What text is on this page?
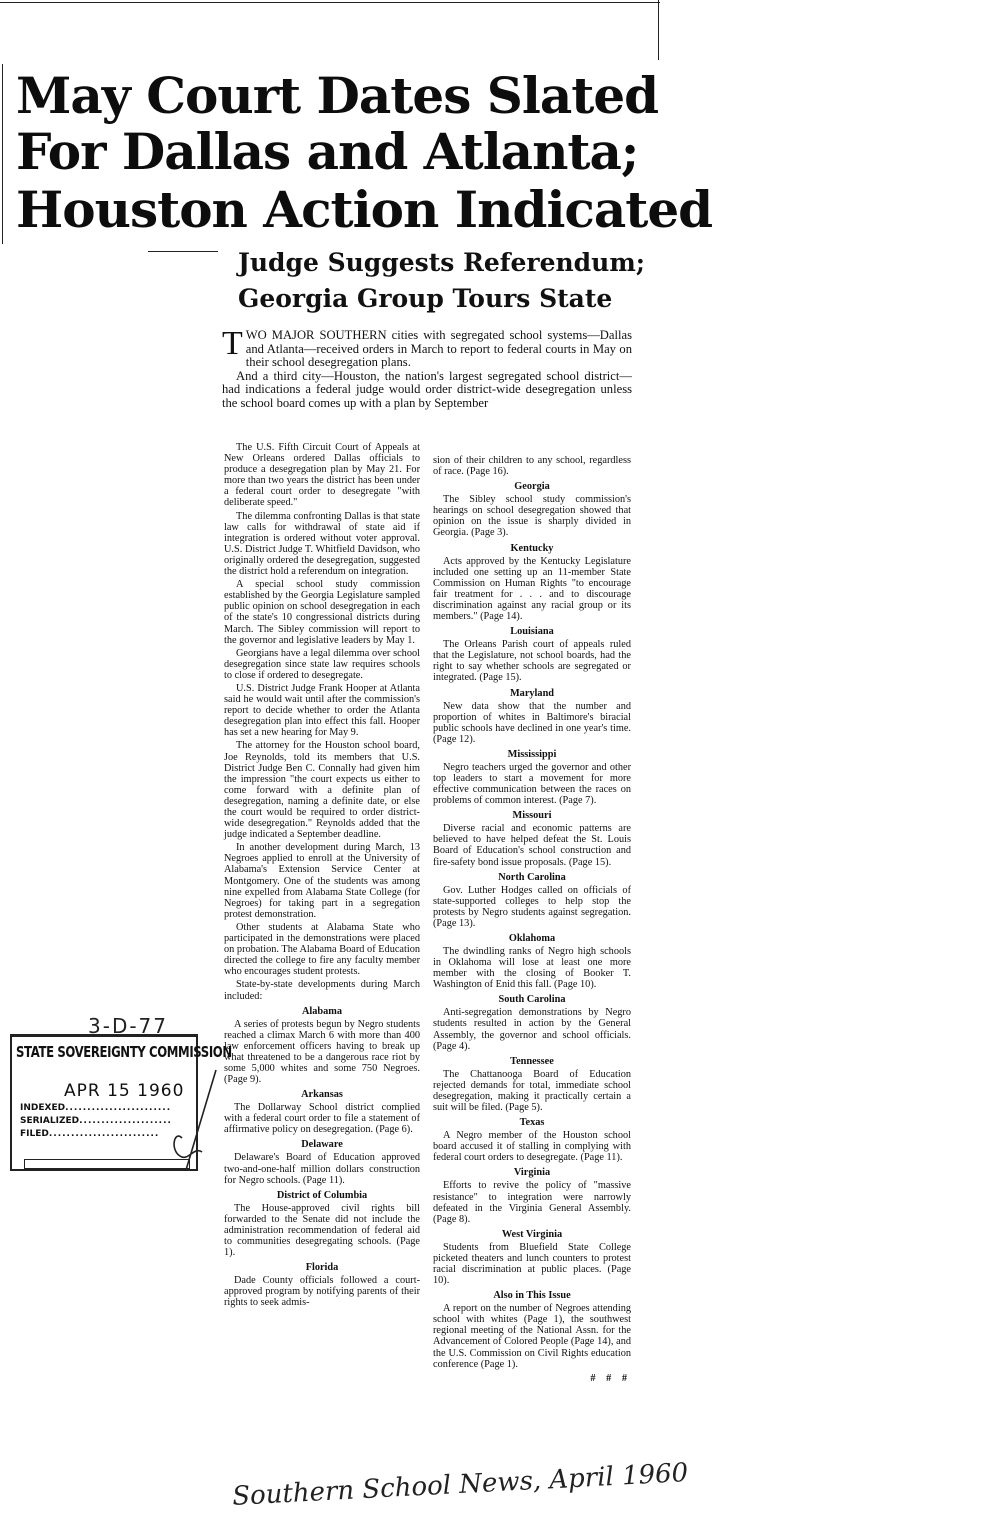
May Court Dates Slated
For Dallas and Atlanta;
Houston Action Indicated
Judge Suggests Referendum;
Georgia Group Tours State

TWO MAJOR SOUTHERN cities with segregated school systems—Dallas and Atlanta—received orders in March to report to federal courts in May on their school desegregation plans.

And a third city—Houston, the nation's largest segregated school district—had indications a federal judge would order district-wide desegregation unless the school board comes up with a plan by September

The U.S. Fifth Circuit Court of Appeals at New Orleans ordered Dallas officials to produce a desegregation plan by May 21. For more than two years the district has been under a federal court order to desegregate "with deliberate speed."

The dilemma confronting Dallas is that state law calls for withdrawal of state aid if integration is ordered without voter approval. U.S. District Judge T. Whitfield Davidson, who originally ordered the desegregation, suggested the district hold a referendum on integration.

A special school study commission established by the Georgia Legislature sampled public opinion on school desegregation in each of the state's 10 congressional districts during March. The Sibley commission will report to the governor and legislative leaders by May 1.

Georgians have a legal dilemma over school desegregation since state law requires schools to close if ordered to desegregate.

U.S. District Judge Frank Hooper at Atlanta said he would wait until after the commission's report to decide whether to order the Atlanta desegregation plan into effect this fall. Hooper has set a new hearing for May 9.

The attorney for the Houston school board, Joe Reynolds, told its members that U.S. District Judge Ben C. Connally had given him the impression "the court expects us either to come forward with a definite plan of desegregation, naming a definite date, or else the court would be required to order district-wide desegregation." Reynolds added that the judge indicated a September deadline.

In another development during March, 13 Negroes applied to enroll at the University of Alabama's Extension Service Center at Montgomery. One of the students was among nine expelled from Alabama State College (for Negroes) for taking part in a segregation protest demonstration.

Other students at Alabama State who participated in the demonstrations were placed on probation. The Alabama Board of Education directed the college to fire any faculty member who encourages student protests.

State-by-state developments during March included:

Alabama

A series of protests begun by Negro students reached a climax March 6 with more than 400 law enforcement officers having to break up what threatened to be a dangerous race riot by some 5,000 whites and some 750 Negroes. (Page 9).

Arkansas

The Dollarway School district complied with a federal court order to file a statement of affirmative policy on desegregation. (Page 6).

Delaware

Delaware's Board of Education approved two-and-one-half million dollars construction for Negro schools. (Page 11).

District of Columbia

The House-approved civil rights bill forwarded to the Senate did not include the administration recommendation of federal aid to communities desegregating schools. (Page 1).

Florida

Dade County officials followed a court-approved program by notifying parents of their rights to seek admis-

sion of their children to any school, regardless of race. (Page 16).

Georgia

The Sibley school study commission's hearings on school desegregation showed that opinion on the issue is sharply divided in Georgia. (Page 3).

Kentucky

Acts approved by the Kentucky Legislature included one setting up an 11-member State Commission on Human Rights "to encourage fair treatment for . . . and to discourage discrimination against any racial group or its members." (Page 14).

Louisiana

The Orleans Parish court of appeals ruled that the Legislature, not school boards, had the right to say whether schools are segregated or integrated. (Page 15).

Maryland

New data show that the number and proportion of whites in Baltimore's biracial public schools have declined in one year's time. (Page 12).

Mississippi

Negro teachers urged the governor and other top leaders to start a movement for more effective communication between the races on problems of common interest. (Page 7).

Missouri

Diverse racial and economic patterns are believed to have helped defeat the St. Louis Board of Education's school construction and fire-safety bond issue proposals. (Page 15).

North Carolina

Gov. Luther Hodges called on officials of state-supported colleges to help stop the protests by Negro students against segregation. (Page 13).

Oklahoma

The dwindling ranks of Negro high schools in Oklahoma will lose at least one more member with the closing of Booker T. Washington of Enid this fall. (Page 10).

South Carolina

Anti-segregation demonstrations by Negro students resulted in action by the General Assembly, the governor and school officials. (Page 4).

Tennessee

The Chattanooga Board of Education rejected demands for total, immediate school desegregation, making it practically certain a suit will be filed. (Page 5).

Texas

A Negro member of the Houston school board accused it of stalling in complying with federal court orders to desegregate. (Page 11).

Virginia

Efforts to revive the policy of "massive resistance" to integration were narrowly defeated in the Virginia General Assembly. (Page 8).

West Virginia

Students from Bluefield State College picketed theaters and lunch counters to protest racial discrimination at public places. (Page 10).

Also in This Issue

A report on the number of Negroes attending school with whites (Page 1), the southwest regional meeting of the National Assn. for the Advancement of Colored People (Page 14), and the U.S. Commission on Civil Rights education conference (Page 1).

# # #
3-D-77
STATE SOVEREIGNTY COMMISSION
APR 15 1960
INDEXED........................
SERIALIZED.....................
FILED.........................
Southern School News, April 1960
